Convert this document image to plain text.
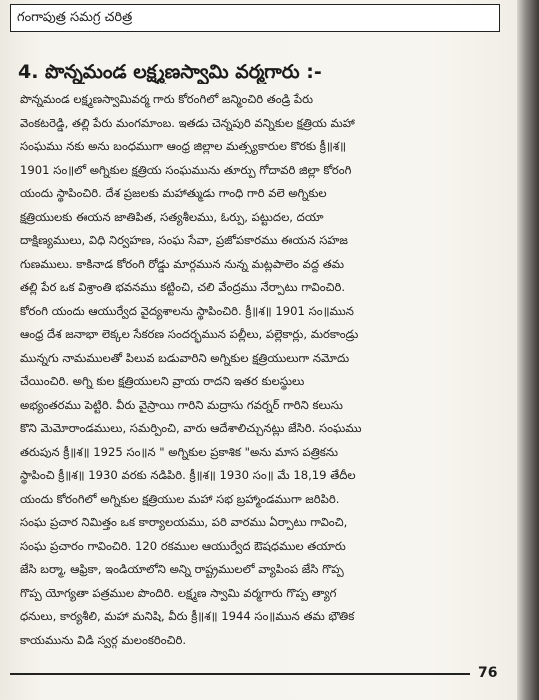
గంగాపుత్ర సమగ్ర చరిత్ర
4. పొన్నమండ లక్ష్మణస్వామి వర్మగారు :-
పొన్నమండ లక్ష్మణస్వామివర్మ గారు కోరంగిలో జన్మించిరి తండ్రి పేరు
వెంకటరెడ్డి, తల్లి పేరు మంగమాంబ. ఇతడు చెన్నపురి వన్నికుల క్షత్రియ మహా
సంఘము నకు అను బంధముగా ఆంధ్ర జిల్లాల మత్స్యకారుల కొరకు క్రీ॥శ॥
1901 సం॥లో అగ్నికుల క్షత్రియ సంఘమును తూర్పు గోదావరి జిల్లా కోరంగి
యందు స్థాపించిరి. దేశ ప్రజలకు మహాత్ముడు గాంధి గారి వలె అగ్నికుల
క్షత్రియులకు ఈయన జాతిపిత, సత్యశీలము, ఓర్పు, పట్టుదల, దయా
దాక్షిణ్యములు, విధి నిర్వహణ, సంఘ సేవా, ప్రజోపకారము ఈయన సహజ
గుణములు. కాకినాడ కోరంగి రోడ్డు మార్గమున నున్న మట్లపాలెం వద్ద తమ
తల్లి పేర ఒక విశ్రాంతి భవనము కట్టించి, చలి వేంద్రము నేర్పాటు గావించిరి.
కోరంగి యందు ఆయుర్వేద వైద్యశాలను స్థాపించిరి. క్రీ॥శ॥ 1901 సం॥మున
ఆంధ్ర దేశ జనాభా లెక్కల సేకరణ సందర్భమున పల్లీలు, పల్లెకార్లు, మరకాండ్రు
మున్నగు నామములతో పిలువ బడువారిని అగ్నికుల క్షత్రియులుగా నమోదు
చేయించిరి. అగ్ని కుల క్షత్రియులని వ్రాయ రాదని ఇతర కులస్థులు
అభ్యంతరము పెట్టిరి. వీరు వైస్రాయి గారిని మద్రాసు గవర్నర్ గారిని కలుసు
కొని మెమోరాండములు, సమర్పించి, వారు ఆదేశాలిచ్చునట్లు జేసిరి. సంఘము
తరుపున క్రీ॥శ॥ 1925 సం॥న " అగ్నికుల ప్రకాశిక "అను మాస పత్రికను
స్థాపించి క్రీ॥శ॥ 1930 వరకు నడిపిరి. క్రీ॥శ॥ 1930 సం॥ మే 18,19 తేదీల
యందు కోరంగిలో అగ్నికుల క్షత్రియుల మహా సభ బ్రహ్మాండముగా జరిపిరి.
సంఘ ప్రచార నిమిత్తం ఒక కార్యాలయము, పరి వారము ఏర్పాటు గావించి,
సంఘ ప్రచారం గావించిరి. 120 రకముల ఆయుర్వేద ఔషధముల తయారు
జేసి బర్మా, ఆఫ్రికా, ఇండియాలోని అన్ని రాష్ట్రములలో వ్యాపింప జేసి గొప్ప
గొప్ప యోగ్యతా పత్రముల పొందిరి. లక్ష్మణ స్వామి వర్మగారు గొప్ప త్యాగ
ధనులు, కార్యశీలి, మహా మనిషి, వీరు క్రీ॥శ॥ 1944 సం॥మున తమ భౌతిక
కాయమును విడి స్వర్గ మలంకరించిరి.
76
